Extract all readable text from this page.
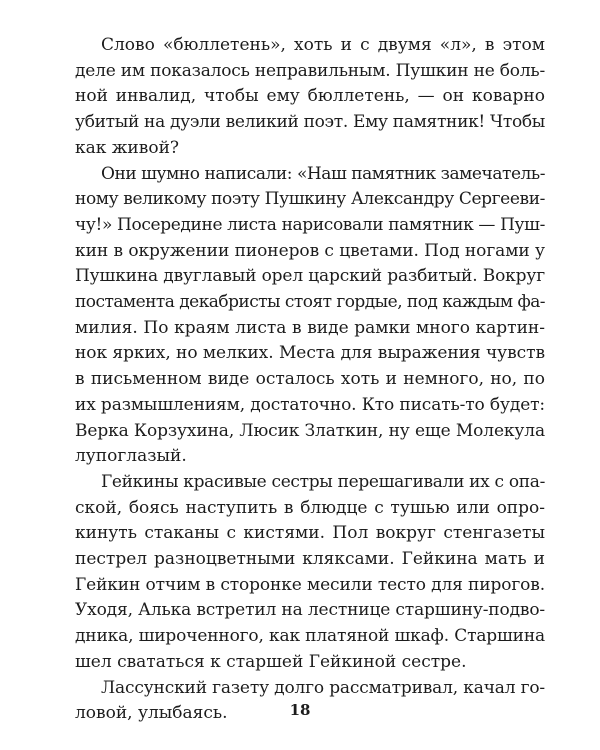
Слово «бюллетень», хоть и с двумя «л», в этом
деле им показалось неправильным. Пушкин не боль-
ной инвалид, чтобы ему бюллетень, — он коварно
убитый на дуэли великий поэт. Ему памятник! Чтобы
как живой?
Они шумно написали: «Наш памятник замечатель-
ному великому поэту Пушкину Александру Сергееви-
чу!» Посередине листа нарисовали памятник — Пуш-
кин в окружении пионеров с цветами. Под ногами у
Пушкина двуглавый орел царский разбитый. Вокруг
постамента декабристы стоят гордые, под каждым фа-
милия. По краям листа в виде рамки много картин-
нок ярких, но мелких. Места для выражения чувств
в письменном виде осталось хоть и немного, но, по
их размышлениям, достаточно. Кто писать-то будет:
Верка Корзухина, Люсик Златкин, ну еще Молекула
лупоглазый.
Гейкины красивые сестры перешагивали их с опа-
ской, боясь наступить в блюдце с тушью или опро-
кинуть стаканы с кистями. Пол вокруг стенгазеты
пестрел разноцветными кляксами. Гейкина мать и
Гейкин отчим в сторонке месили тесто для пирогов.
Уходя, Алька встретил на лестнице старшину-подво-
дника, широченного, как платяной шкаф. Старшина
шел свататься к старшей Гейкиной сестре.
Лассунский газету долго рассматривал, качал го-
ловой, улыбаясь.	18
